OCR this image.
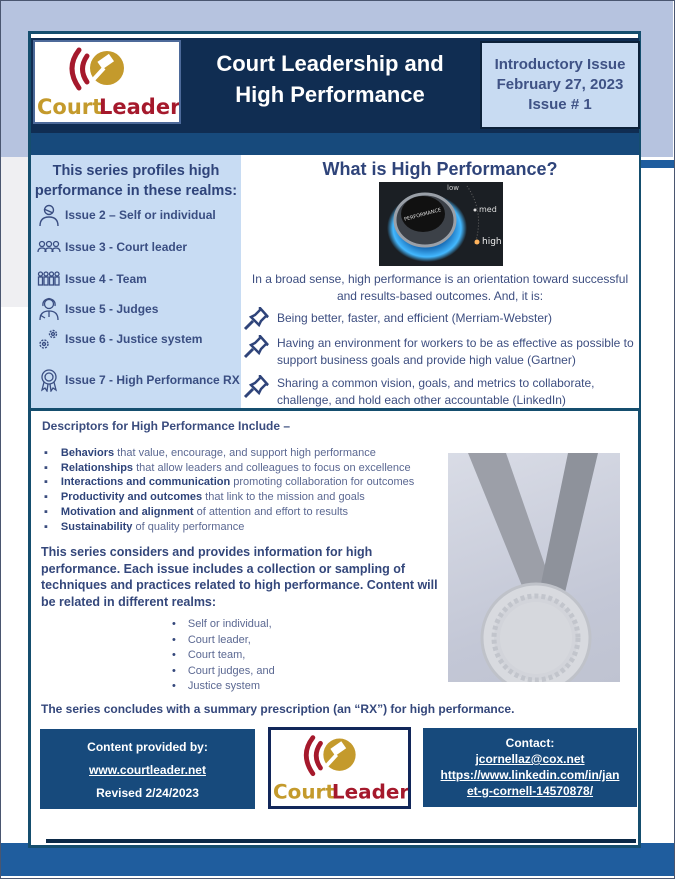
Court
Leader
Court Leadership and
High Performance
Introductory Issue
February 27, 2023
Issue # 1
This series profiles high
performance in these realms:
Issue 2 – Self or individual
Issue 3 - Court leader
Issue 4 - Team
Issue 5 - Judges
Issue 6 - Justice system
Issue 7 - High Performance RX
What is High Performance?
PERFORMANCE
low
med
high
In a broad sense, high performance is an orientation toward successful
and results-based outcomes. And, it is:
Being better, faster, and efficient (Merriam-Webster)
Having an environment for workers to be as effective as possible to
support business goals and provide high value (Gartner)
Sharing a common vision, goals, and metrics to collaborate,
challenge, and hold each other accountable (LinkedIn)
Descriptors for High Performance Include –
▪ Behaviors that value, encourage, and support high performance
▪ Relationships that allow leaders and colleagues to focus on excellence
▪ Interactions and communication promoting collaboration for outcomes
▪ Productivity and outcomes that link to the mission and goals
▪ Motivation and alignment of attention and effort to results
▪ Sustainability of quality performance
This series considers and provides information for high performance. Each issue includes a collection or sampling of techniques and practices related to high performance. Content will be related in different realms:
• Self or individual,
• Court leader,
• Court team,
• Court judges, and
• Justice system
The series concludes with a summary prescription (an “RX”) for high performance.
Content provided by:
www.courtleader.net
Revised 2/24/2023	Court
Leader
Contact:
jcornellaz@cox.net
https://www.linkedin.com/in/jan
et-g-cornell-14570878/
